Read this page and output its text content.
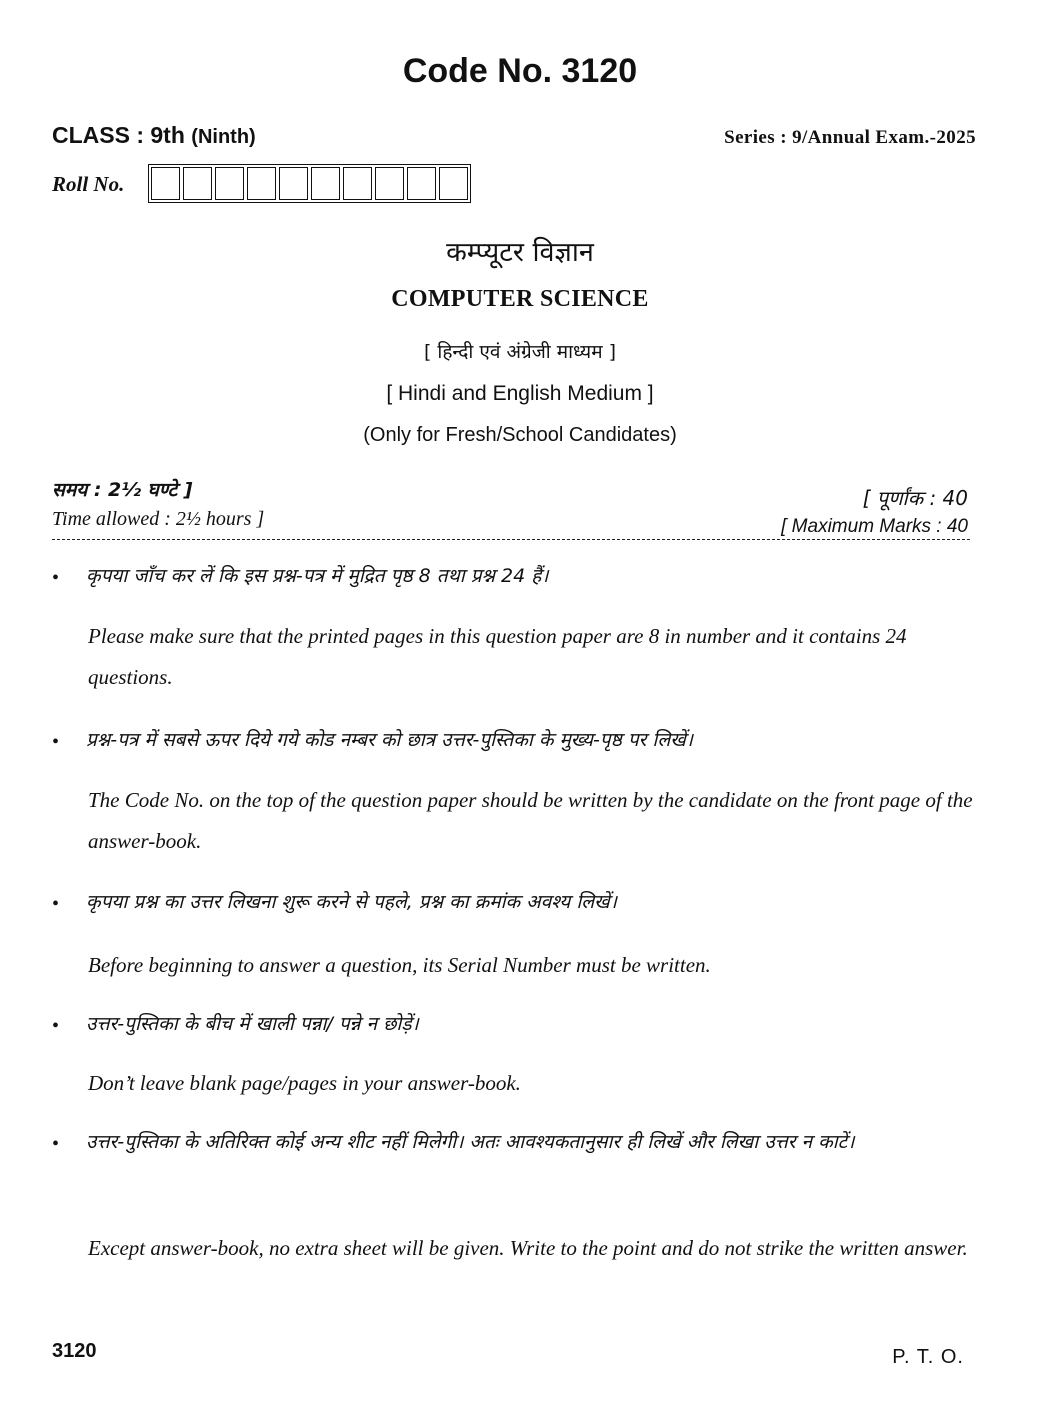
Code No. 3120
CLASS : 9th (Ninth)	Series : 9/Annual Exam.-2025
Roll No.
कम्प्यूटर विज्ञान
COMPUTER SCIENCE
[ हिन्दी एवं अंग्रेजी माध्यम ]
[ Hindi and English Medium ]
(Only for Fresh/School Candidates)
समय : 2½ घण्टे ]
Time allowed : 2½ hours ]
[ पूर्णांक : 40
[ Maximum Marks : 40
• कृपया जाँच कर लें कि इस प्रश्न-पत्र में मुद्रित पृष्ठ 8 तथा प्रश्न 24 हैं।
Please make sure that the printed pages in this question paper are 8 in number and it contains 24 questions.
• प्रश्न-पत्र में सबसे ऊपर दिये गये कोड नम्बर को छात्र उत्तर-पुस्तिका के मुख्य-पृष्ठ पर लिखें।
The Code No. on the top of the question paper should be written by the candidate on the front page of the answer-book.
• कृपया प्रश्न का उत्तर लिखना शुरू करने से पहले, प्रश्न का क्रमांक अवश्य लिखें।
Before beginning to answer a question, its Serial Number must be written.
• उत्तर-पुस्तिका के बीच में खाली पन्ना/ पन्ने न छोड़ें।
Don’t leave blank page/pages in your answer-book.
• उत्तर-पुस्तिका के अतिरिक्त कोई अन्य शीट नहीं मिलेगी। अतः आवश्यकतानुसार ही लिखें और लिखा उत्तर न काटें।
Except answer-book, no extra sheet will be given. Write to the point and do not strike the written answer.
3120	P. T. O.
